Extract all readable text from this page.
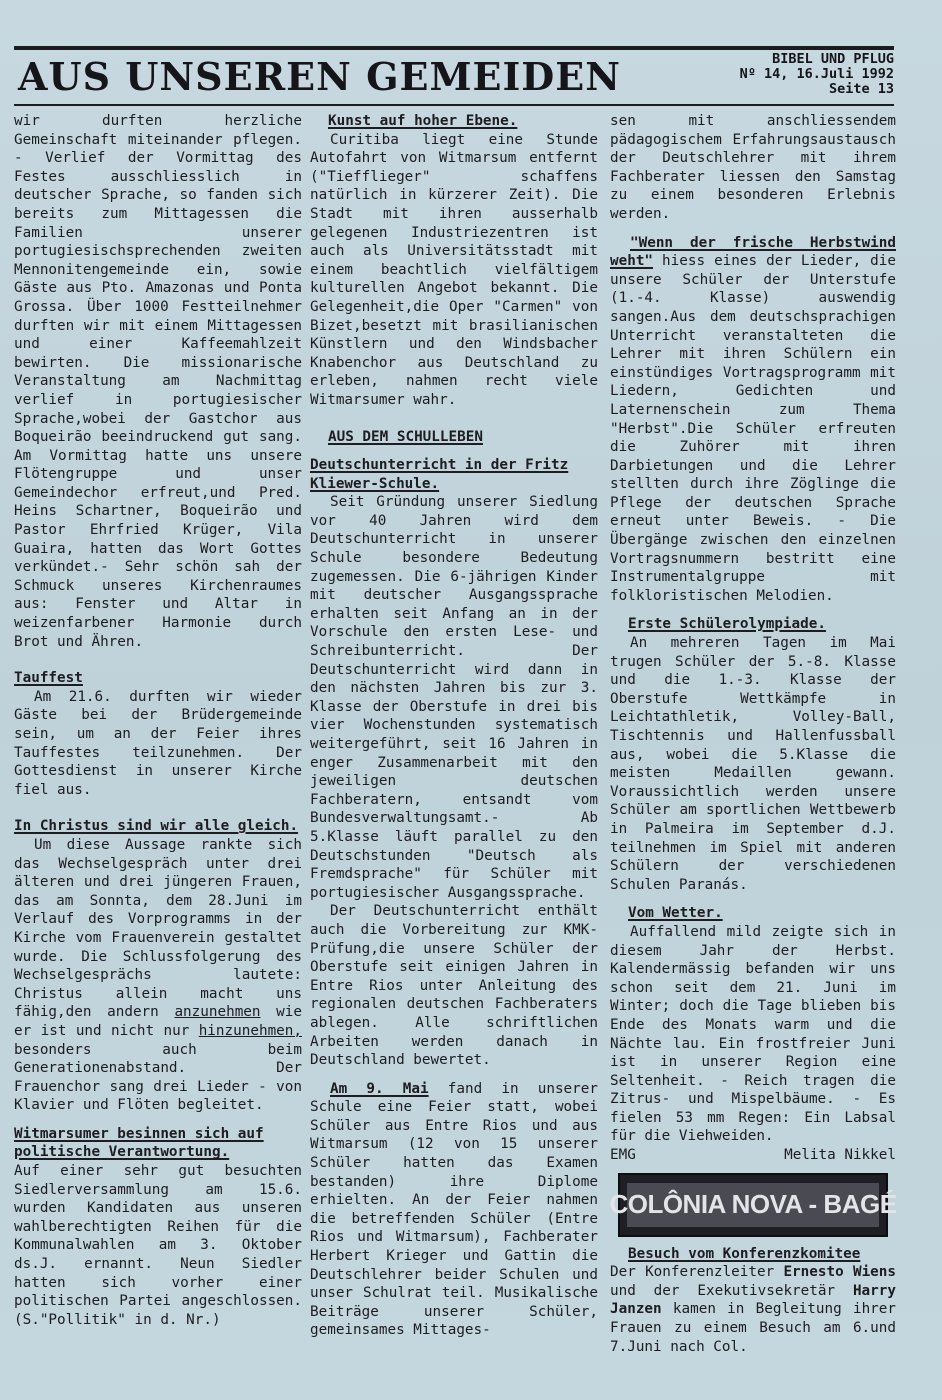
AUS UNSEREN GEMEIDEN	BIBEL UND PFLUG
Nº 14, 16.Juli 1992
Seite 13

wir durften herzliche Gemeinschaft miteinander pflegen. - Verlief der Vormittag des Festes ausschliesslich in deutscher Sprache, so fanden sich bereits zum Mittagessen die Familien unserer portugiesischsprechenden zweiten Mennonitengemeinde ein, sowie Gäste aus Pto. Amazonas und Ponta Grossa. Über 1000 Festteilnehmer durften wir mit einem Mittagessen und einer Kaffeemahlzeit bewirten. Die missionarische Veranstaltung am Nachmittag verlief in portugiesischer Sprache,wobei der Gastchor aus Boqueirão beeindruckend gut sang. Am Vormittag hatte uns unsere Flötengruppe und unser Gemeindechor erfreut,und Pred. Heins Schartner, Boqueirão und Pastor Ehrfried Krüger, Vila Guaira, hatten das Wort Gottes verkündet.- Sehr schön sah der Schmuck unseres Kirchenraumes aus: Fenster und Altar in weizenfarbener Harmonie durch Brot und Ähren.

Tauffest

Am 21.6. durften wir wieder Gäste bei der Brüdergemeinde sein, um an der Feier ihres Tauffestes teilzunehmen. Der Gottesdienst in unserer Kirche fiel aus.

In Christus sind wir alle gleich.

Um diese Aussage rankte sich das Wechselgespräch unter drei älteren und drei jüngeren Frauen, das am Sonnta, dem 28.Juni im Verlauf des Vorprogramms in der Kirche vom Frauenverein gestaltet wurde. Die Schlussfolgerung des Wechselgesprächs lautete: Christus allein macht uns fähig,den andern anzunehmen wie er ist und nicht nur hinzunehmen, besonders auch beim Generationenabstand. Der Frauenchor sang drei Lieder - von Klavier und Flöten begleitet.

Witmarsumer besinnen sich auf politische Verantwortung.

Auf einer sehr gut besuchten Siedlerversammlung am 15.6. wurden Kandidaten aus unseren wahlberechtigten Reihen für die Kommunalwahlen am 3. Oktober ds.J. ernannt. Neun Siedler hatten sich vorher einer politischen Partei angeschlossen. (S."Pollitik" in d. Nr.)

Kunst auf hoher Ebene.

Curitiba liegt eine Stunde Autofahrt von Witmarsum entfernt ("Tiefflieger" schaffens natürlich in kürzerer Zeit). Die Stadt mit ihren ausserhalb gelegenen Industriezentren ist auch als Universitätsstadt mit einem beachtlich vielfältigem kulturellen Angebot bekannt. Die Gelegenheit,die Oper "Carmen" von Bizet,besetzt mit brasilianischen Künstlern und den Windsbacher Knabenchor aus Deutschland zu erleben, nahmen recht viele Witmarsumer wahr.

AUS DEM SCHULLEBEN

Deutschunterricht in der Fritz Kliewer-Schule.

Seit Gründung unserer Siedlung vor 40 Jahren wird dem Deutschunterricht in unserer Schule besondere Bedeutung zugemessen. Die 6-jährigen Kinder mit deutscher Ausgangssprache erhalten seit Anfang an in der Vorschule den ersten Lese- und Schreibunterricht. Der Deutschunterricht wird dann in den nächsten Jahren bis zur 3. Klasse der Oberstufe in drei bis vier Wochenstunden systematisch weitergeführt, seit 16 Jahren in enger Zusammenarbeit mit den jeweiligen deutschen Fachberatern, entsandt vom Bundesverwaltungsamt.- Ab 5.Klasse läuft parallel zu den Deutschstunden "Deutsch als Fremdsprache" für Schüler mit portugiesischer Ausgangssprache.

Der Deutschunterricht enthält auch die Vorbereitung zur KMK-Prüfung,die unsere Schüler der Oberstufe seit einigen Jahren in Entre Rios unter Anleitung des regionalen deutschen Fachberaters ablegen. Alle schriftlichen Arbeiten werden danach in Deutschland bewertet.

Am 9. Mai fand in unserer Schule eine Feier statt, wobei Schüler aus Entre Rios und aus Witmarsum (12 von 15 unserer Schüler hatten das Examen bestanden) ihre Diplome erhielten. An der Feier nahmen die betreffenden Schüler (Entre Rios und Witmarsum), Fachberater Herbert Krieger und Gattin die Deutschlehrer beider Schulen und unser Schulrat teil. Musikalische Beiträge unserer Schüler, gemeinsames Mittages-

sen mit anschliessendem pädagogischem Erfahrungsaustausch der Deutschlehrer mit ihrem Fachberater liessen den Samstag zu einem besonderen Erlebnis werden.

"Wenn der frische Herbstwind weht" hiess eines der Lieder, die unsere Schüler der Unterstufe (1.-4. Klasse) auswendig sangen.Aus dem deutschsprachigen Unterricht veranstalteten die Lehrer mit ihren Schülern ein einstündiges Vortragsprogramm mit Liedern, Gedichten und Laternenschein zum Thema "Herbst".Die Schüler erfreuten die Zuhörer mit ihren Darbietungen und die Lehrer stellten durch ihre Zöglinge die Pflege der deutschen Sprache erneut unter Beweis. - Die Übergänge zwischen den einzelnen Vortragsnummern bestritt eine Instrumentalgruppe mit folkloristischen Melodien.

Erste Schülerolympiade.

An mehreren Tagen im Mai trugen Schüler der 5.-8. Klasse und die 1.-3. Klasse der Oberstufe Wettkämpfe in Leichtathletik, Volley-Ball, Tischtennis und Hallenfussball aus, wobei die 5.Klasse die meisten Medaillen gewann. Voraussichtlich werden unsere Schüler am sportlichen Wettbewerb in Palmeira im September d.J. teilnehmen im Spiel mit anderen Schülern der verschiedenen Schulen Paranás.

Vom Wetter.

Auffallend mild zeigte sich in diesem Jahr der Herbst. Kalendermässig befanden wir uns schon seit dem 21. Juni im Winter; doch die Tage blieben bis Ende des Monats warm und die Nächte lau. Ein frostfreier Juni ist in unserer Region eine Seltenheit. - Reich tragen die Zitrus- und Mispelbäume. - Es fielen 53 mm Regen: Ein Labsal für die Viehweiden.

EMG	Melita Nikkel

COLÔNIA NOVA - BAGÉ

Besuch vom Konferenzkomitee

Der Konferenzleiter Ernesto Wiens und der Exekutivsekretär Harry Janzen kamen in Begleitung ihrer Frauen zu einem Besuch am 6.und 7.Juni nach Col.
